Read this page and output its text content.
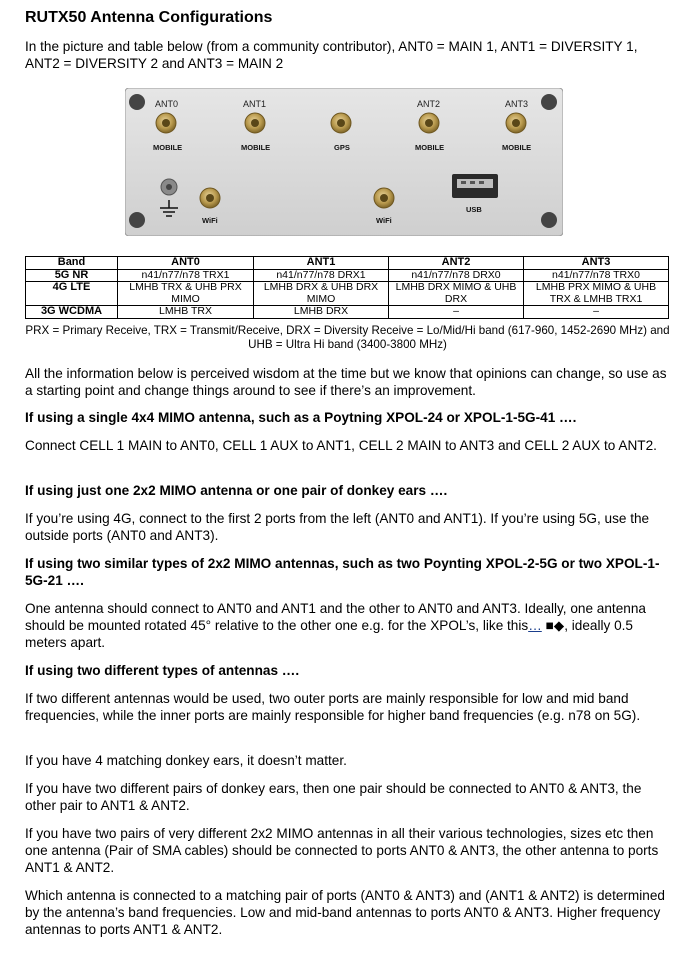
RUTX50 Antenna Configurations

In the picture and table below (from a community contributor), ANT0 = MAIN 1, ANT1 = DIVERSITY 1, ANT2 = DIVERSITY 2 and ANT3 = MAIN 2

ANT0
MOBILE
ANT1
MOBILE	GPS
ANT2
MOBILE
ANT3
MOBILE
WiFi	WiFi
USB
Band	ANT0	ANT1	ANT2	ANT3
5G NR	n41/n77/n78 TRX1	n41/n77/n78 DRX1	n41/n77/n78 DRX0	n41/n77/n78 TRX0
4G LTE	LMHB TRX & UHB PRX MIMO	LMHB DRX & UHB DRX MIMO	LMHB DRX MIMO & UHB DRX	LMHB PRX MIMO & UHB TRX & LMHB TRX1
3G WCDMA	LMHB TRX	LMHB DRX	–	–
PRX = Primary Receive, TRX = Transmit/Receive, DRX = Diversity Receive = Lo/Mid/Hi band (617-960, 1452-2690 MHz) and UHB = Ultra Hi band (3400-3800 MHz)

All the information below is perceived wisdom at the time but we know that opinions can change, so use as a starting point and change things around to see if there’s an improvement.

If using a single 4x4 MIMO antenna, such as a Poytning XPOL-24 or XPOL-1-5G-41 ….

Connect CELL 1 MAIN to ANT0, CELL 1 AUX to ANT1, CELL 2 MAIN to ANT3 and CELL 2 AUX to ANT2.

If using just one 2x2 MIMO antenna or one pair of donkey ears ….

If you’re using 4G, connect to the first 2 ports from the left (ANT0 and ANT1). If you’re using 5G, use the outside ports (ANT0 and ANT3).

If using two similar types of 2x2 MIMO antennas, such as two Poynting XPOL-2-5G or two XPOL-1-5G-21 ….

One antenna should connect to ANT0 and ANT1 and the other to ANT0 and ANT3. Ideally, one antenna should be mounted rotated 45° relative to the other one e.g. for the XPOL’s, like this… ■◆, ideally 0.5 meters apart.

If using two different types of antennas ….

If two different antennas would be used, two outer ports are mainly responsible for low and mid band frequencies, while the inner ports are mainly responsible for higher band frequencies (e.g. n78 on 5G).

If you have 4 matching donkey ears, it doesn’t matter.

If you have two different pairs of donkey ears, then one pair should be connected to ANT0 & ANT3, the other pair to ANT1 & ANT2.

If you have two pairs of very different 2x2 MIMO antennas in all their various technologies, sizes etc then one antenna (Pair of SMA cables) should be connected to ports ANT0 & ANT3, the other antenna to ports ANT1 & ANT2.

Which antenna is connected to a matching pair of ports (ANT0 & ANT3) and (ANT1 & ANT2) is determined by the antenna’s band frequencies. Low and mid-band antennas to ports ANT0 & ANT3. Higher frequency antennas to ports ANT1 & ANT2.
